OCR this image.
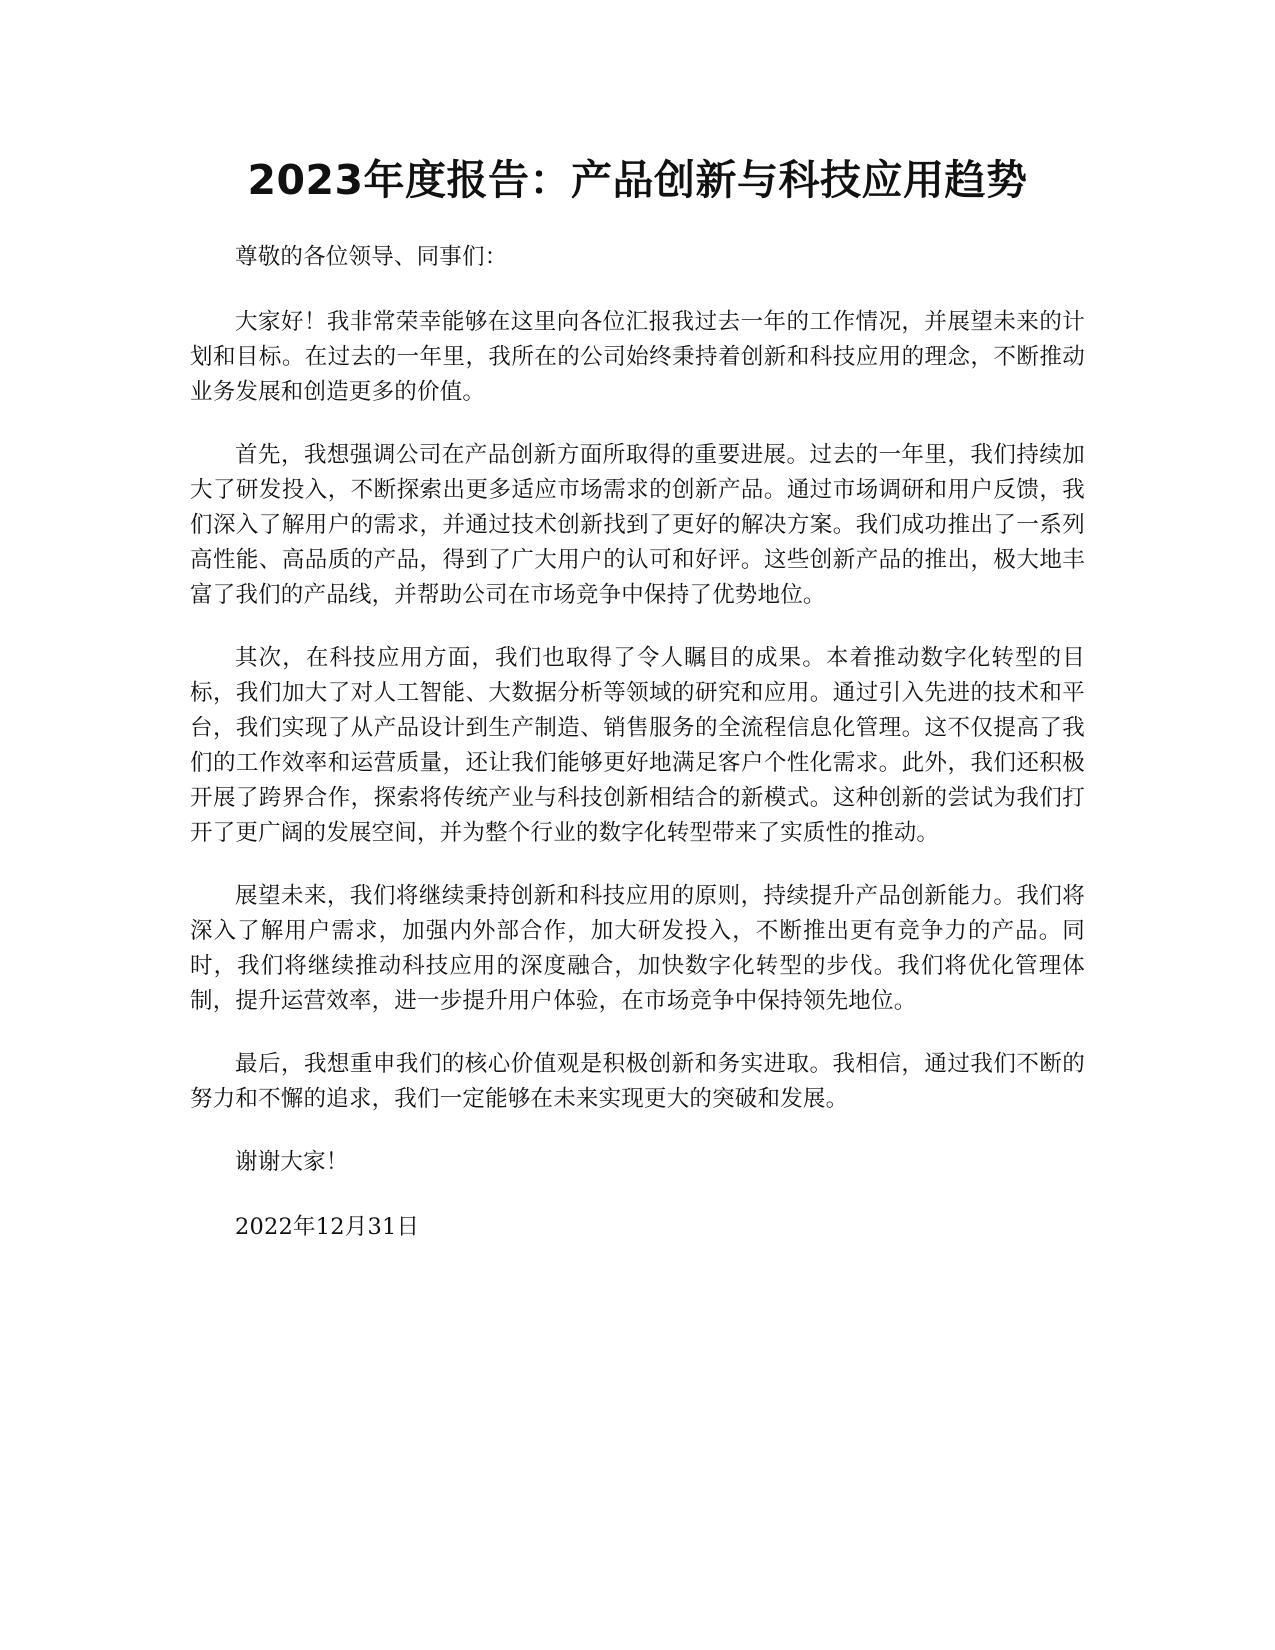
2023年度报告：产品创新与科技应用趋势

尊敬的各位领导、同事们：

大家好！我非常荣幸能够在这里向各位汇报我过去一年的工作情况，并展望未来的计划和目标。在过去的一年里，我所在的公司始终秉持着创新和科技应用的理念，不断推动业务发展和创造更多的价值。

首先，我想强调公司在产品创新方面所取得的重要进展。过去的一年里，我们持续加大了研发投入，不断探索出更多适应市场需求的创新产品。通过市场调研和用户反馈，我们深入了解用户的需求，并通过技术创新找到了更好的解决方案。我们成功推出了一系列高性能、高品质的产品，得到了广大用户的认可和好评。这些创新产品的推出，极大地丰富了我们的产品线，并帮助公司在市场竞争中保持了优势地位。

其次，在科技应用方面，我们也取得了令人瞩目的成果。本着推动数字化转型的目标，我们加大了对人工智能、大数据分析等领域的研究和应用。通过引入先进的技术和平台，我们实现了从产品设计到生产制造、销售服务的全流程信息化管理。这不仅提高了我们的工作效率和运营质量，还让我们能够更好地满足客户个性化需求。此外，我们还积极开展了跨界合作，探索将传统产业与科技创新相结合的新模式。这种创新的尝试为我们打开了更广阔的发展空间，并为整个行业的数字化转型带来了实质性的推动。

展望未来，我们将继续秉持创新和科技应用的原则，持续提升产品创新能力。我们将深入了解用户需求，加强内外部合作，加大研发投入，不断推出更有竞争力的产品。同时，我们将继续推动科技应用的深度融合，加快数字化转型的步伐。我们将优化管理体制，提升运营效率，进一步提升用户体验，在市场竞争中保持领先地位。

最后，我想重申我们的核心价值观是积极创新和务实进取。我相信，通过我们不断的努力和不懈的追求，我们一定能够在未来实现更大的突破和发展。

谢谢大家！

2022年12月31日
